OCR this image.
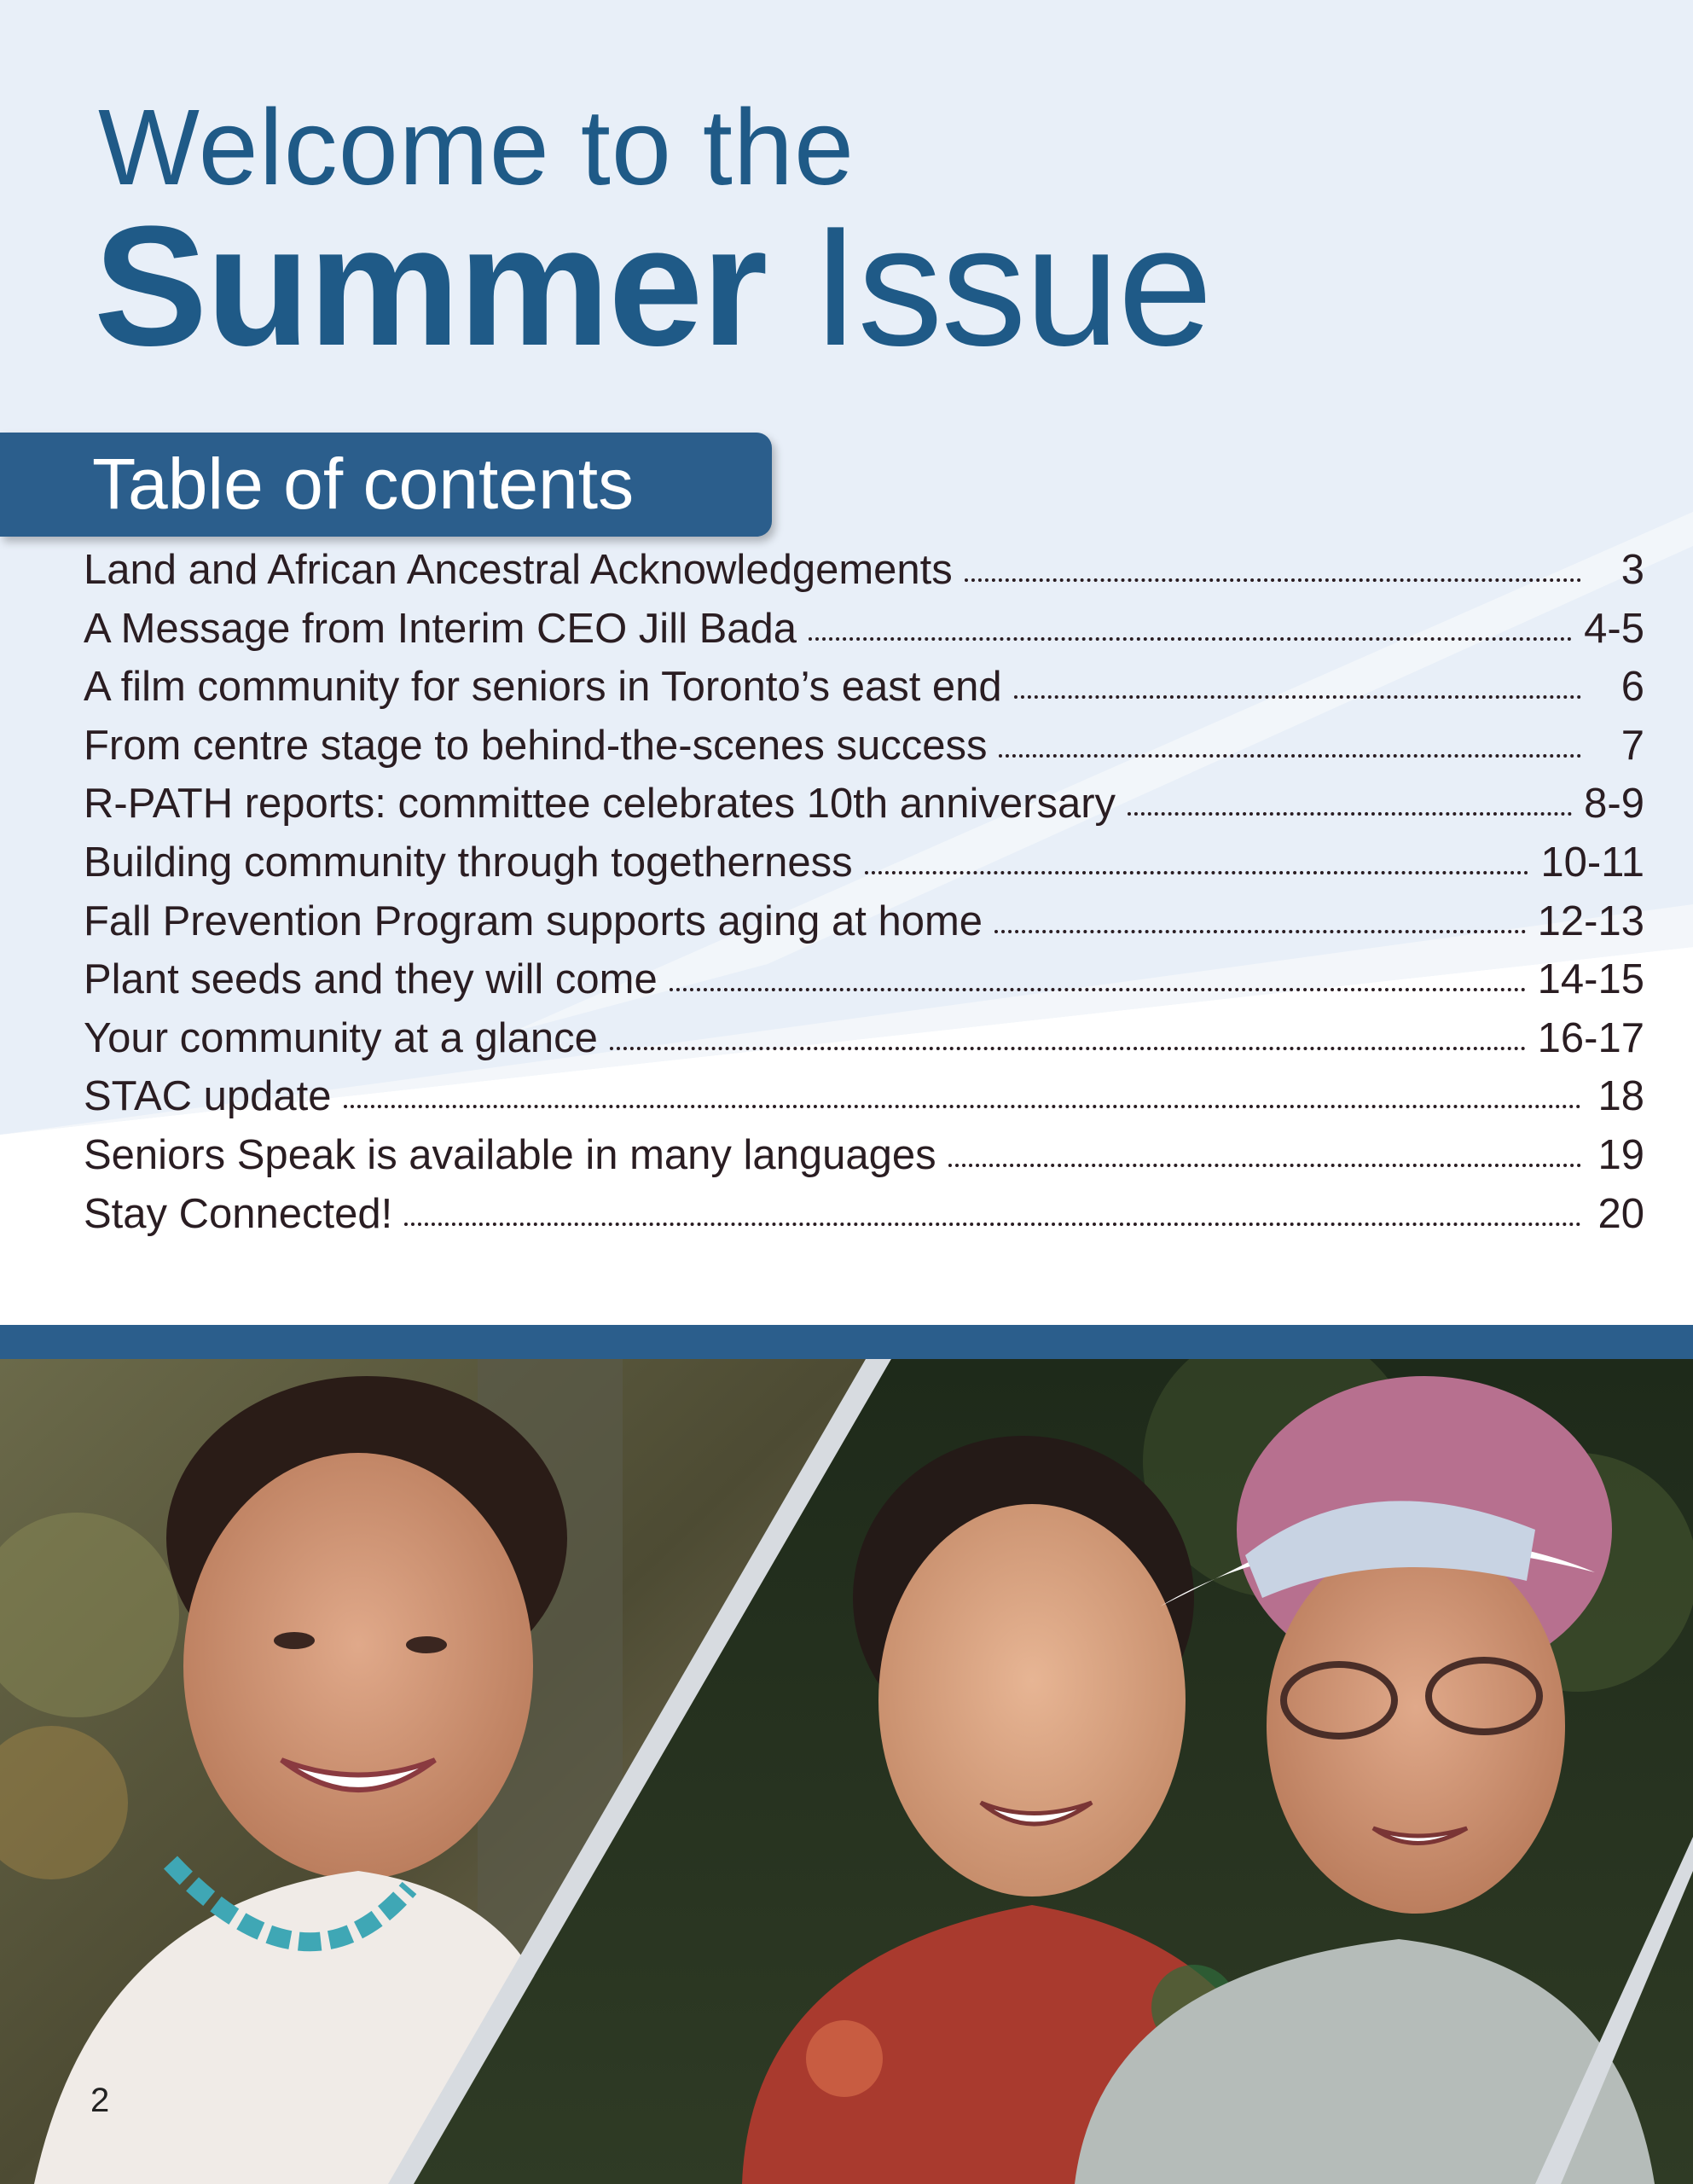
Welcome to the
Summer Issue
Table of contents
Land and African Ancestral Acknowledgements	3
A Message from Interim CEO Jill Bada	4-5
A film community for seniors in Toronto’s east end	6
From centre stage to behind-the-scenes success	7
R-PATH reports: committee celebrates 10th anniversary	8-9
Building community through togetherness	10-11
Fall Prevention Program supports aging at home	12-13
Plant seeds and they will come	14-15
Your community at a glance	16-17
STAC update	18
Seniors Speak is available in many languages	19
Stay Connected!	20
2
